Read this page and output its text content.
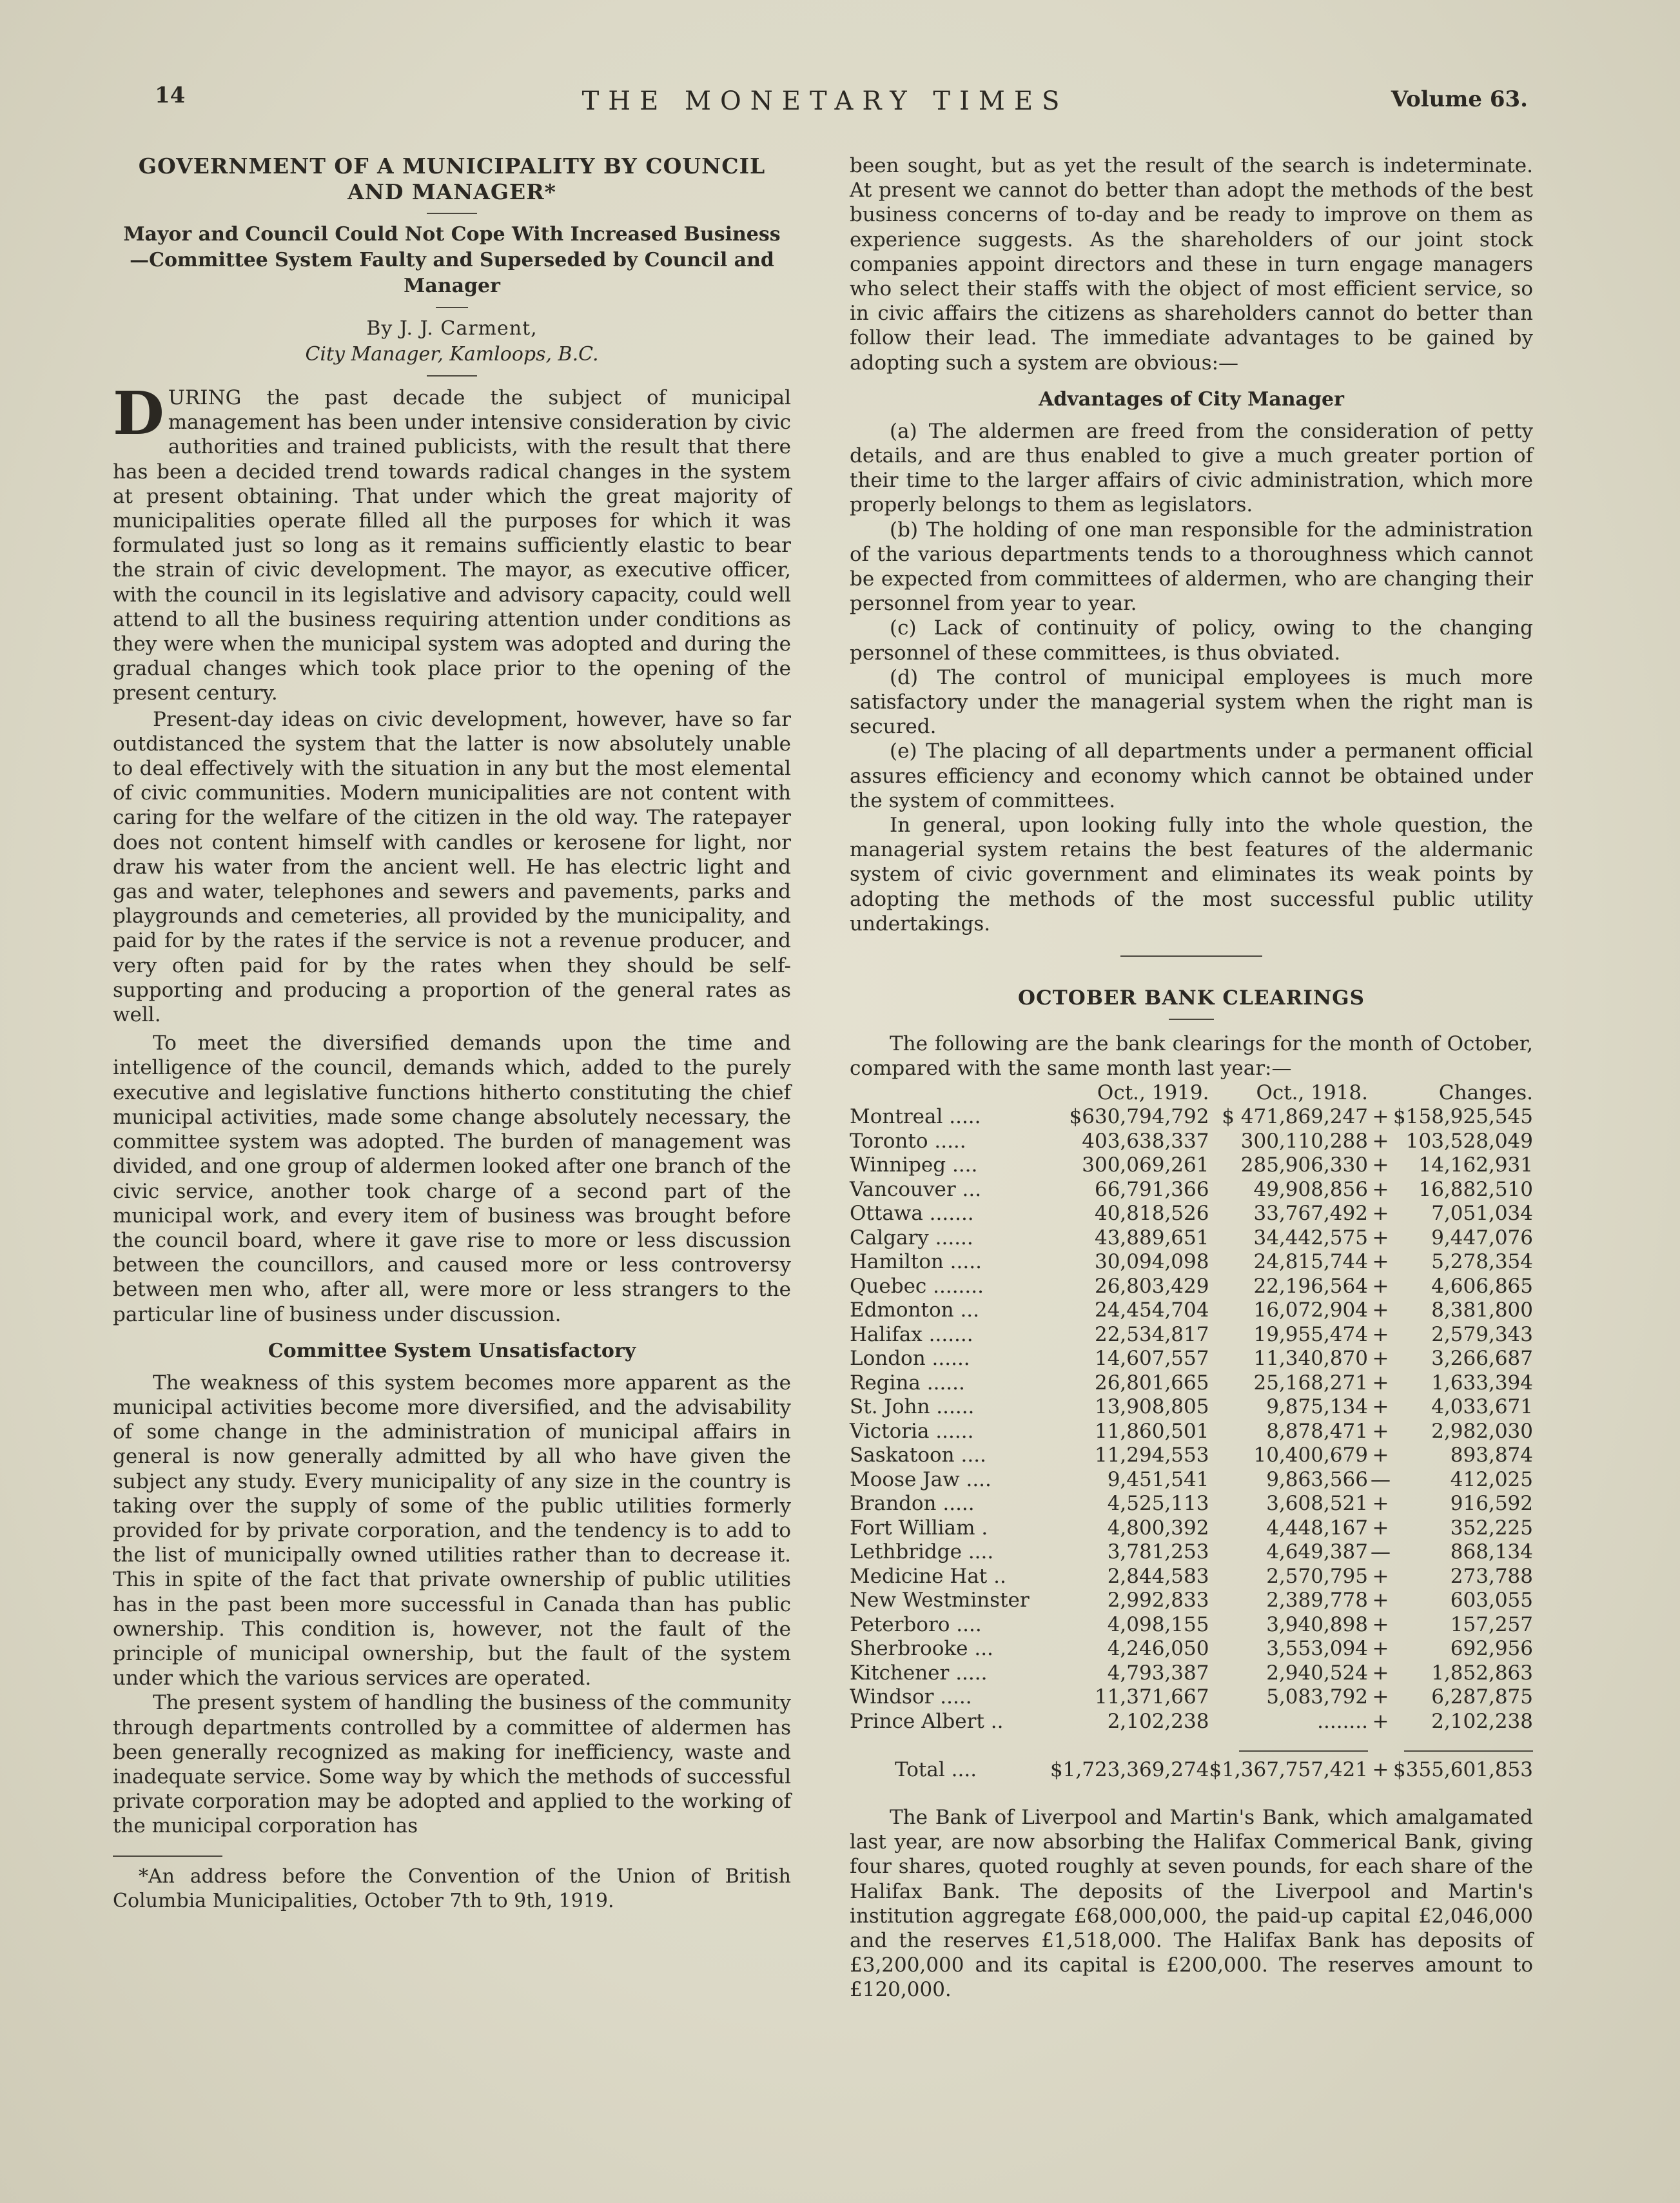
14	THE MONETARY TIMES	Volume 63.
GOVERNMENT OF A MUNICIPALITY BY COUNCIL AND MANAGER*

Mayor and Council Could Not Cope With Increased Business —Committee System Faulty and Superseded by Council and Manager

By J. J. Carment,

City Manager, Kamloops, B.C.

DURING the past decade the subject of municipal management has been under intensive consideration by civic authorities and trained publicists, with the result that there has been a decided trend towards radical changes in the system at present obtaining. That under which the great majority of municipalities operate filled all the purposes for which it was formulated just so long as it remains sufficiently elastic to bear the strain of civic development. The mayor, as executive officer, with the council in its legislative and advisory capacity, could well attend to all the business requiring attention under conditions as they were when the municipal system was adopted and during the gradual changes which took place prior to the opening of the present century.

Present-day ideas on civic development, however, have so far outdistanced the system that the latter is now absolutely unable to deal effectively with the situation in any but the most elemental of civic communities. Modern municipalities are not content with caring for the welfare of the citizen in the old way. The ratepayer does not content himself with candles or kerosene for light, nor draw his water from the ancient well. He has electric light and gas and water, telephones and sewers and pavements, parks and playgrounds and cemeteries, all provided by the municipality, and paid for by the rates if the service is not a revenue producer, and very often paid for by the rates when they should be self-supporting and producing a proportion of the general rates as well.

To meet the diversified demands upon the time and intelligence of the council, demands which, added to the purely executive and legislative functions hitherto constituting the chief municipal activities, made some change absolutely necessary, the committee system was adopted. The burden of management was divided, and one group of aldermen looked after one branch of the civic service, another took charge of a second part of the municipal work, and every item of business was brought before the council board, where it gave rise to more or less discussion between the councillors, and caused more or less controversy between men who, after all, were more or less strangers to the particular line of business under discussion.

Committee System Unsatisfactory

The weakness of this system becomes more apparent as the municipal activities become more diversified, and the advisability of some change in the administration of municipal affairs in general is now generally admitted by all who have given the subject any study. Every municipality of any size in the country is taking over the supply of some of the public utilities formerly provided for by private corporation, and the tendency is to add to the list of municipally owned utilities rather than to decrease it. This in spite of the fact that private ownership of public utilities has in the past been more successful in Canada than has public ownership. This condition is, however, not the fault of the principle of municipal ownership, but the fault of the system under which the various services are operated.

The present system of handling the business of the community through departments controlled by a committee of aldermen has been generally recognized as making for inefficiency, waste and inadequate service. Some way by which the methods of successful private corporation may be adopted and applied to the working of the municipal corporation has

*An address before the Convention of the Union of British Columbia Municipalities, October 7th to 9th, 1919.

been sought, but as yet the result of the search is indeterminate. At present we cannot do better than adopt the methods of the best business concerns of to-day and be ready to improve on them as experience suggests. As the shareholders of our joint stock companies appoint directors and these in turn engage managers who select their staffs with the object of most efficient service, so in civic affairs the citizens as shareholders cannot do better than follow their lead. The immediate advantages to be gained by adopting such a system are obvious:—

Advantages of City Manager

(a) The aldermen are freed from the consideration of petty details, and are thus enabled to give a much greater portion of their time to the larger affairs of civic administration, which more properly belongs to them as legislators.

(b) The holding of one man responsible for the administration of the various departments tends to a thoroughness which cannot be expected from committees of aldermen, who are changing their personnel from year to year.

(c) Lack of continuity of policy, owing to the changing personnel of these committees, is thus obviated.

(d) The control of municipal employees is much more satisfactory under the managerial system when the right man is secured.

(e) The placing of all departments under a permanent official assures efficiency and economy which cannot be obtained under the system of committees.

In general, upon looking fully into the whole question, the managerial system retains the best features of the aldermanic system of civic government and eliminates its weak points by adopting the methods of the most successful public utility undertakings.

OCTOBER BANK CLEARINGS

The following are the bank clearings for the month of October, compared with the same month last year:—

	Oct., 1919.	Oct., 1918.		Changes.
Montreal .....	$630,794,792	$ 471,869,247	+	$158,925,545
Toronto .....	403,638,337	300,110,288	+	103,528,049
Winnipeg ....	300,069,261	285,906,330	+	14,162,931
Vancouver ...	66,791,366	49,908,856	+	16,882,510
Ottawa .......	40,818,526	33,767,492	+	7,051,034
Calgary ......	43,889,651	34,442,575	+	9,447,076
Hamilton .....	30,094,098	24,815,744	+	5,278,354
Quebec ........	26,803,429	22,196,564	+	4,606,865
Edmonton ...	24,454,704	16,072,904	+	8,381,800
Halifax .......	22,534,817	19,955,474	+	2,579,343
London ......	14,607,557	11,340,870	+	3,266,687
Regina ......	26,801,665	25,168,271	+	1,633,394
St. John ......	13,908,805	9,875,134	+	4,033,671
Victoria ......	11,860,501	8,878,471	+	2,982,030
Saskatoon ....	11,294,553	10,400,679	+	893,874
Moose Jaw ....	9,451,541	9,863,566	—	412,025
Brandon .....	4,525,113	3,608,521	+	916,592
Fort William .	4,800,392	4,448,167	+	352,225
Lethbridge ....	3,781,253	4,649,387	—	868,134
Medicine Hat ..	2,844,583	2,570,795	+	273,788
New Westminster	2,992,833	2,389,778	+	603,055
Peterboro ....	4,098,155	3,940,898	+	157,257
Sherbrooke ...	4,246,050	3,553,094	+	692,956
Kitchener .....	4,793,387	2,940,524	+	1,852,863
Windsor .....	11,371,667	5,083,792	+	6,287,875
Prince Albert ..	2,102,238	........	+	2,102,238

Total ....	$1,723,369,274	$1,367,757,421	+	$355,601,853

The Bank of Liverpool and Martin's Bank, which amalgamated last year, are now absorbing the Halifax Commerical Bank, giving four shares, quoted roughly at seven pounds, for each share of the Halifax Bank. The deposits of the Liverpool and Martin's institution aggregate £68,000,000, the paid-up capital £2,046,000 and the reserves £1,518,000. The Halifax Bank has deposits of £3,200,000 and its capital is £200,000. The reserves amount to £120,000.
